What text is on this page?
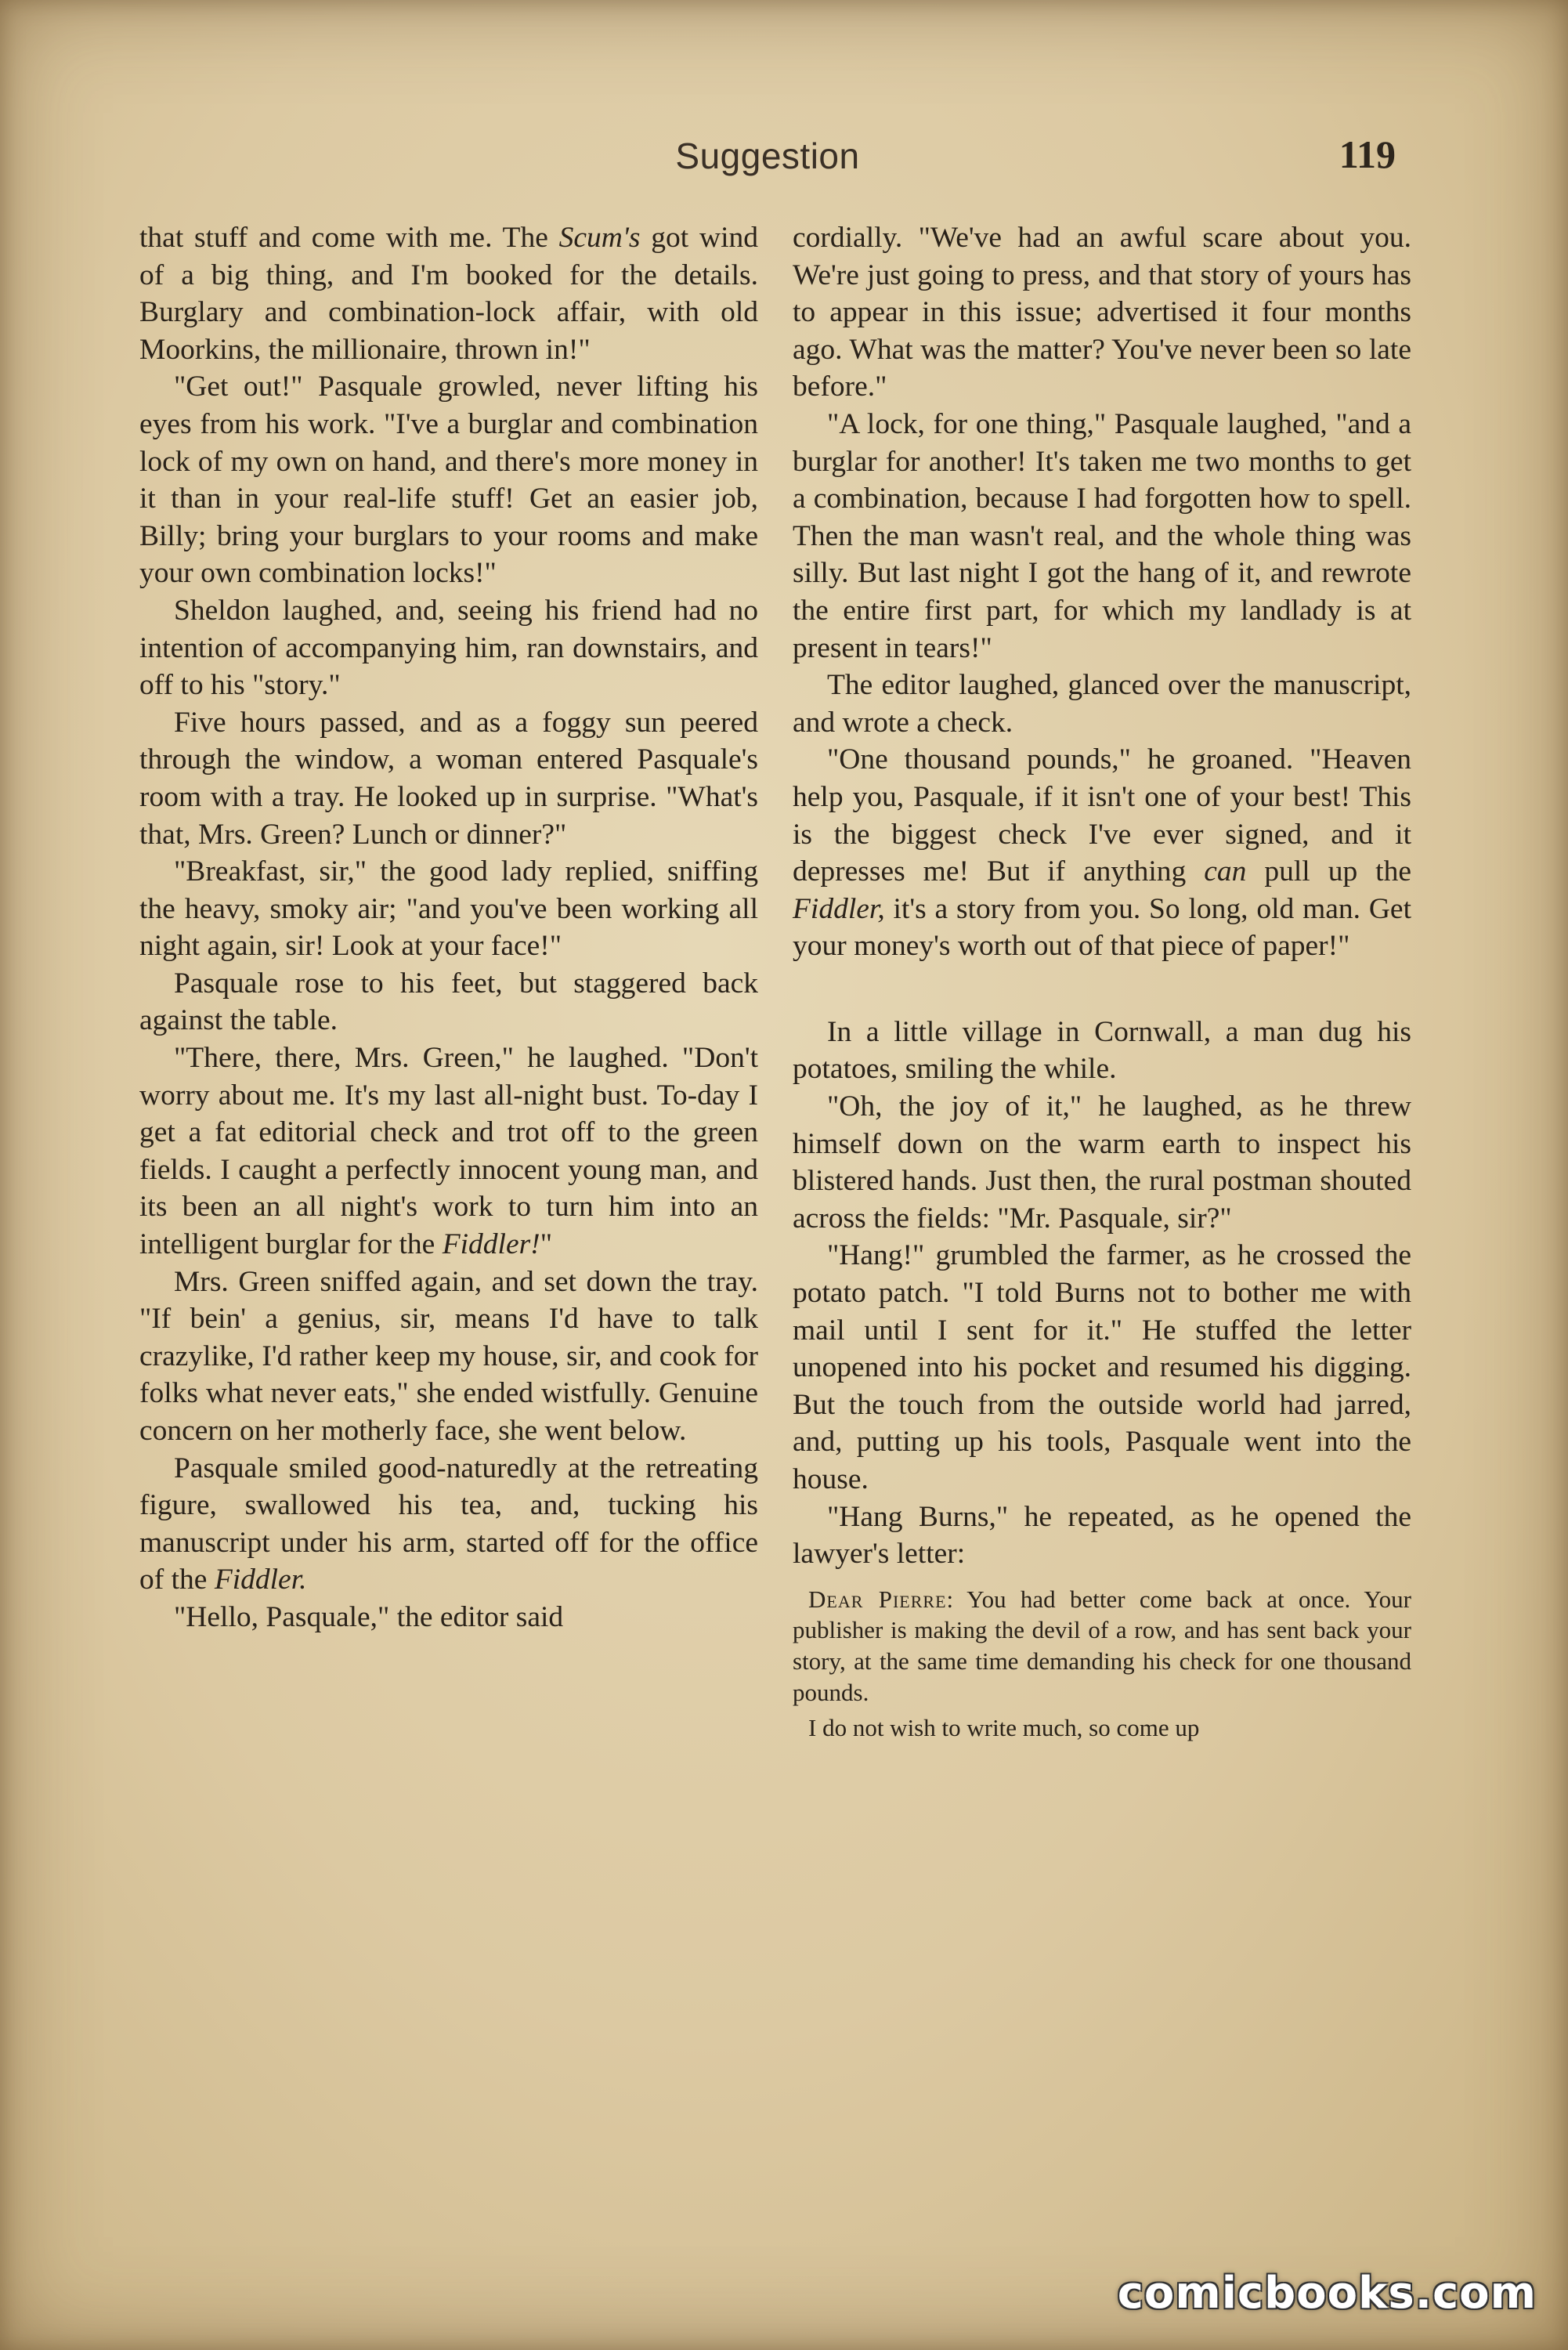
Suggestion	119

that stuff and come with me. The Scum's got wind of a big thing, and I'm booked for the details. Burglary and combination-lock affair, with old Moorkins, the millionaire, thrown in!"

"Get out!" Pasquale growled, never lifting his eyes from his work. "I've a burglar and combination lock of my own on hand, and there's more money in it than in your real-life stuff! Get an easier job, Billy; bring your burglars to your rooms and make your own combination locks!"

Sheldon laughed, and, seeing his friend had no intention of accompanying him, ran downstairs, and off to his "story."

Five hours passed, and as a foggy sun peered through the window, a woman entered Pasquale's room with a tray. He looked up in surprise. "What's that, Mrs. Green? Lunch or dinner?"

"Breakfast, sir," the good lady replied, sniffing the heavy, smoky air; "and you've been working all night again, sir! Look at your face!"

Pasquale rose to his feet, but staggered back against the table.

"There, there, Mrs. Green," he laughed. "Don't worry about me. It's my last all-night bust. To-day I get a fat editorial check and trot off to the green fields. I caught a perfectly innocent young man, and its been an all night's work to turn him into an intelligent burglar for the Fiddler!"

Mrs. Green sniffed again, and set down the tray. "If bein' a genius, sir, means I'd have to talk crazylike, I'd rather keep my house, sir, and cook for folks what never eats," she ended wistfully. Genuine concern on her motherly face, she went below.

Pasquale smiled good-naturedly at the retreating figure, swallowed his tea, and, tucking his manuscript under his arm, started off for the office of the Fiddler.

"Hello, Pasquale," the editor said

cordially. "We've had an awful scare about you. We're just going to press, and that story of yours has to appear in this issue; advertised it four months ago. What was the matter? You've never been so late before."

"A lock, for one thing," Pasquale laughed, "and a burglar for another! It's taken me two months to get a combination, because I had forgotten how to spell. Then the man wasn't real, and the whole thing was silly. But last night I got the hang of it, and rewrote the entire first part, for which my landlady is at present in tears!"

The editor laughed, glanced over the manuscript, and wrote a check.

"One thousand pounds," he groaned. "Heaven help you, Pasquale, if it isn't one of your best! This is the biggest check I've ever signed, and it depresses me! But if anything can pull up the Fiddler, it's a story from you. So long, old man. Get your money's worth out of that piece of paper!"

In a little village in Cornwall, a man dug his potatoes, smiling the while.

"Oh, the joy of it," he laughed, as he threw himself down on the warm earth to inspect his blistered hands. Just then, the rural postman shouted across the fields: "Mr. Pasquale, sir?"

"Hang!" grumbled the farmer, as he crossed the potato patch. "I told Burns not to bother me with mail until I sent for it." He stuffed the letter unopened into his pocket and resumed his digging. But the touch from the outside world had jarred, and, putting up his tools, Pasquale went into the house.

"Hang Burns," he repeated, as he opened the lawyer's letter:

Dear Pierre: You had better come back at once. Your publisher is making the devil of a row, and has sent back your story, at the same time demanding his check for one thousand pounds.

I do not wish to write much, so come up

comicbooks.com
